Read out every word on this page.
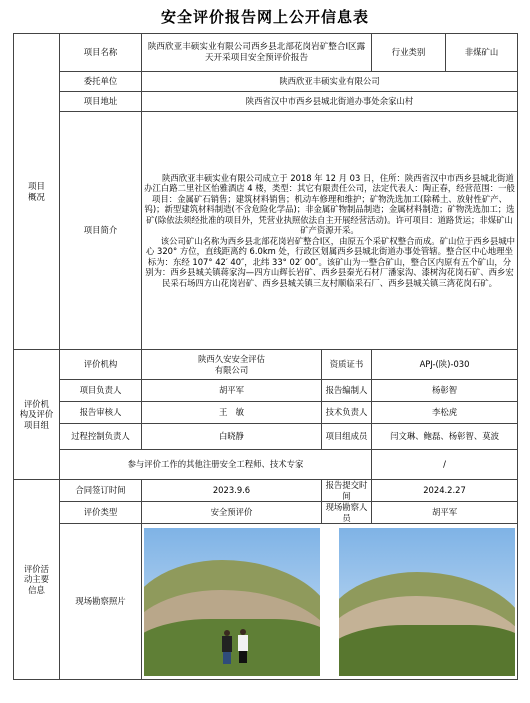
安全评价报告网上公开信息表
项目
概况	项目名称	陕西欣亚丰硕实业有限公司西乡县北部花岗岩矿整合Ⅰ区露天开采项目安全预评价报告		行业类别	非煤矿山
	委托单位	陕西欣亚丰硕实业有限公司			
	项目地址	陕西省汉中市西乡县城北街道办事处余家山村			
	项目简介	陕西欣亚丰硕实业有限公司成立于 2018 年 12 月 03 日，住所：陕西省汉中市西乡县城北街道办江白路二里社区怡雅酒店 4 楼，类型：其它有限责任公司，法定代表人：陶正春，经营范围：一般项目：金属矿石销售；建筑材料销售；机动车修理和维护；矿物洗选加工(除稀土、放射性矿产、钨)；新型建筑材料制造(不含危险化学品)；非金属矿物制品制造；金属材料制造；矿物洗选加工；选矿(除依法须经批准的项目外，凭营业执照依法自主开展经营活动)。许可项目：道路货运；非煤矿山矿产资源开采。

该公司矿山名称为西乡县北部花岗岩矿整合Ⅰ区，由原五个采矿权整合而成。矿山位于西乡县城中心 320° 方位，直线距离约 6.0km 处，行政区划属西乡县城北街道办事处管辖。整合区中心地理坐标为：东经 107° 42′ 40″，北纬 33° 02′ 00″。该矿山为一整合矿山，整合区内原有五个矿山，分别为：西乡县城关镇蒋家沟—四方山辉长岩矿、西乡县秦光石材厂潘家沟、漆树沟花岗石矿、西乡宏民采石场四方山花岗岩矿、西乡县城关镇三友村顺临采石厂、西乡县城关镇三湾花岗石矿。			

评价机
构及评价
项目组	评价机构	陕西久安安全评估
有限公司	资质证书	APJ-(陕)-030	
	项目负责人	胡平军	报告编制人	杨彰智	
	报告审核人	王　敏	技术负责人	李松虎	
	过程控制负责人	白晓静	项目组成员	闫文琳、鲍磊、杨彰智、莫波	
	参与评价工作的其他注册安全工程师、技术专家			/	
评价活
动主要
信息	合同签订时间	2023.9.6	报告提交时间	2024.2.27	
	评价类型	安全预评价	现场勘察人员	胡平军	
	现场勘察照片				
